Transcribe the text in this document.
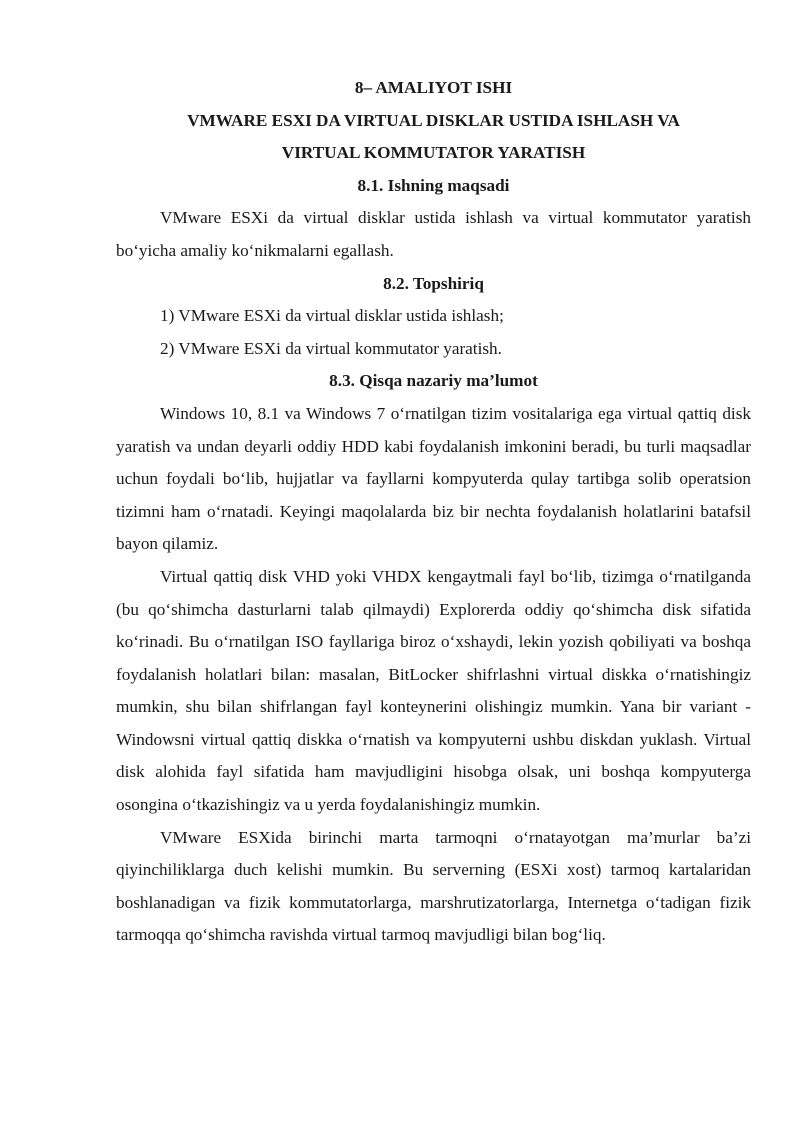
8– AMALIYOT ISHI

VMWARE ESXI DA VIRTUAL DISKLAR USTIDA ISHLASH VA

VIRTUAL KOMMUTATOR YARATISH

8.1. Ishning maqsadi

VMware ESXi da virtual disklar ustida ishlash va virtual kommutator yaratish bo‘yicha amaliy ko‘nikmalarni egallash.

8.2. Topshiriq

1) VMware ESXi da virtual disklar ustida ishlash;

2) VMware ESXi da virtual kommutator yaratish.

8.3. Qisqa nazariy ma’lumot

Windows 10, 8.1 va Windows 7 o‘rnatilgan tizim vositalariga ega virtual qattiq disk yaratish va undan deyarli oddiy HDD kabi foydalanish imkonini beradi, bu turli maqsadlar uchun foydali bo‘lib, hujjatlar va fayllarni kompyuterda qulay tartibga solib operatsion tizimni ham o‘rnatadi. Keyingi maqolalarda biz bir nechta foydalanish holatlarini batafsil bayon qilamiz.

Virtual qattiq disk VHD yoki VHDX kengaytmali fayl bo‘lib, tizimga o‘rnatilganda (bu qo‘shimcha dasturlarni talab qilmaydi) Explorerda oddiy qo‘shimcha disk sifatida ko‘rinadi. Bu o‘rnatilgan ISO fayllariga biroz o‘xshaydi, lekin yozish qobiliyati va boshqa foydalanish holatlari bilan: masalan, BitLocker shifrlashni virtual diskka o‘rnatishingiz mumkin, shu bilan shifrlangan fayl konteynerini olishingiz mumkin. Yana bir variant - Windowsni virtual qattiq diskka o‘rnatish va kompyuterni ushbu diskdan yuklash. Virtual disk alohida fayl sifatida ham mavjudligini hisobga olsak, uni boshqa kompyuterga osongina o‘tkazishingiz va u yerda foydalanishingiz mumkin.

VMware ESXida birinchi marta tarmoqni o‘rnatayotgan ma’murlar ba’zi qiyinchiliklarga duch kelishi mumkin. Bu serverning (ESXi xost) tarmoq kartalaridan boshlanadigan va fizik kommutatorlarga, marshrutizatorlarga, Internetga o‘tadigan fizik tarmoqqa qo‘shimcha ravishda virtual tarmoq mavjudligi bilan bog‘liq.
